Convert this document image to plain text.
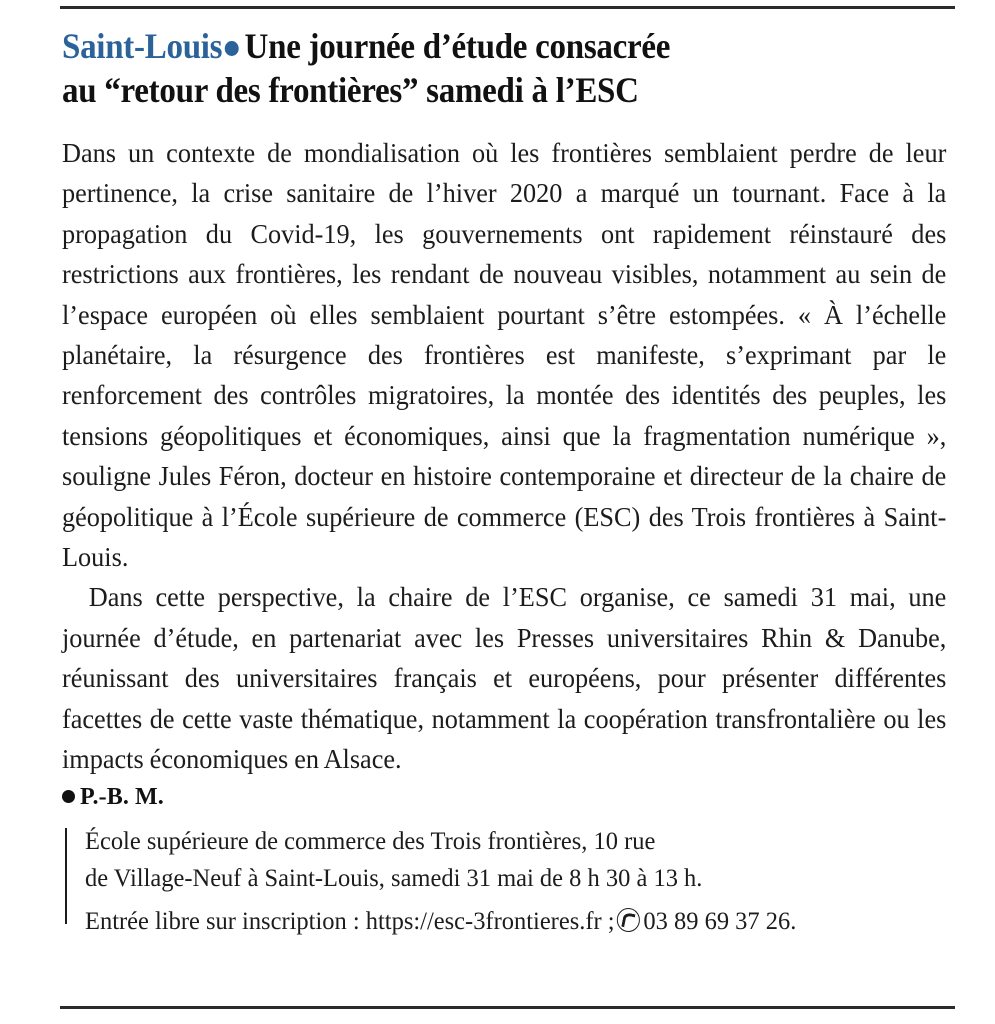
Saint-Louis Une journée d’étude consacrée
au “retour des frontières” samedi à l’ESC

Dans un contexte de mondialisation où les frontières semblaient perdre de leur pertinence, la crise sanitaire de l’hiver 2020 a marqué un tournant. Face à la propagation du Covid-19, les gouvernements ont rapidement réinstauré des restrictions aux frontières, les rendant de nouveau visibles, notamment au sein de l’espace européen où elles semblaient pourtant s’être estompées. « À l’échelle planétaire, la résurgence des frontières est manifeste, s’exprimant par le renforcement des contrôles migratoires, la montée des identités des peuples, les tensions géopolitiques et économiques, ainsi que la fragmentation numérique », souligne Jules Féron, docteur en histoire contemporaine et directeur de la chaire de géopolitique à l’École supérieure de commerce (ESC) des Trois frontières à Saint-Louis.

Dans cette perspective, la chaire de l’ESC organise, ce samedi 31 mai, une journée d’étude, en partenariat avec les Presses universitaires Rhin & Danube, réunissant des universitaires français et européens, pour présenter différentes facettes de cette vaste thématique, notamment la coopération transfrontalière ou les impacts économiques en Alsace.

P.-B. M.

École supérieure de commerce des Trois frontières, 10 rue

de Village-Neuf à Saint-Louis, samedi 31 mai de 8 h 30 à 13 h.

Entrée libre sur inscription : https://esc-3frontieres.fr ; 03 89 69 37 26.
